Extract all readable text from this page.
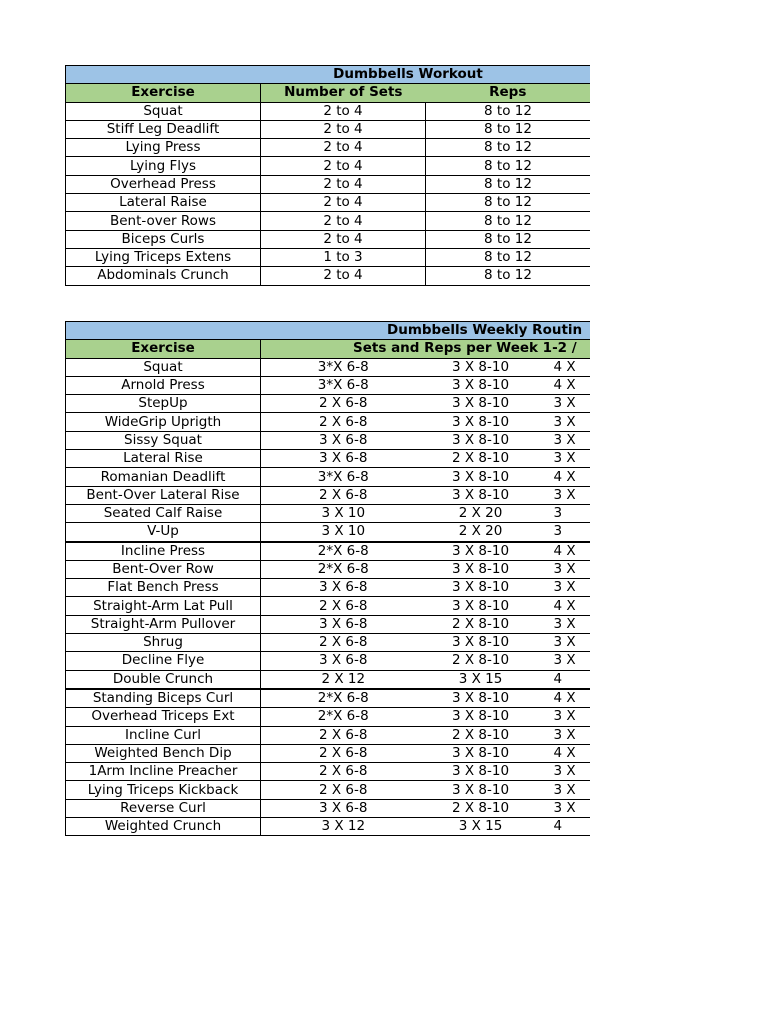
Dumbbells Workout		
Exercise	Number of Sets	Reps
Squat	2 to 4	8 to 12
Stiff Leg Deadlift	2 to 4	8 to 12
Lying Press	2 to 4	8 to 12
Lying Flys	2 to 4	8 to 12
Overhead Press	2 to 4	8 to 12
Lateral Raise	2 to 4	8 to 12
Bent-over Rows	2 to 4	8 to 12
Biceps Curls	2 to 4	8 to 12
Lying Triceps Extens	1 to 3	8 to 12
Abdominals Crunch	2 to 4	8 to 12
Dumbbells Weekly Routin			
Exercise	Sets and Reps per Week 1-2 /		
Squat	3*X 6-8	3 X 8-10	4 X
Arnold Press	3*X 6-8	3 X 8-10	4 X
StepUp	2 X 6-8	3 X 8-10	3 X
WideGrip Uprigth	2 X 6-8	3 X 8-10	3 X
Sissy Squat	3 X 6-8	3 X 8-10	3 X
Lateral Rise	3 X 6-8	2 X 8-10	3 X
Romanian Deadlift	3*X 6-8	3 X 8-10	4 X
Bent-Over Lateral Rise	2 X 6-8	3 X 8-10	3 X
Seated Calf Raise	3 X 10	2 X 20	3
V-Up	3 X 10	2 X 20	3
Incline Press	2*X 6-8	3 X 8-10	4 X
Bent-Over Row	2*X 6-8	3 X 8-10	3 X
Flat Bench Press	3 X 6-8	3 X 8-10	3 X
Straight-Arm Lat Pull	2 X 6-8	3 X 8-10	4 X
Straight-Arm Pullover	3 X 6-8	2 X 8-10	3 X
Shrug	2 X 6-8	3 X 8-10	3 X
Decline Flye	3 X 6-8	2 X 8-10	3 X
Double Crunch	2 X 12	3 X 15	4
Standing Biceps Curl	2*X 6-8	3 X 8-10	4 X
Overhead Triceps Ext	2*X 6-8	3 X 8-10	3 X
Incline Curl	2 X 6-8	2 X 8-10	3 X
Weighted Bench Dip	2 X 6-8	3 X 8-10	4 X
1Arm Incline Preacher	2 X 6-8	3 X 8-10	3 X
Lying Triceps Kickback	2 X 6-8	3 X 8-10	3 X
Reverse Curl	3 X 6-8	2 X 8-10	3 X
Weighted Crunch	3 X 12	3 X 15	4
